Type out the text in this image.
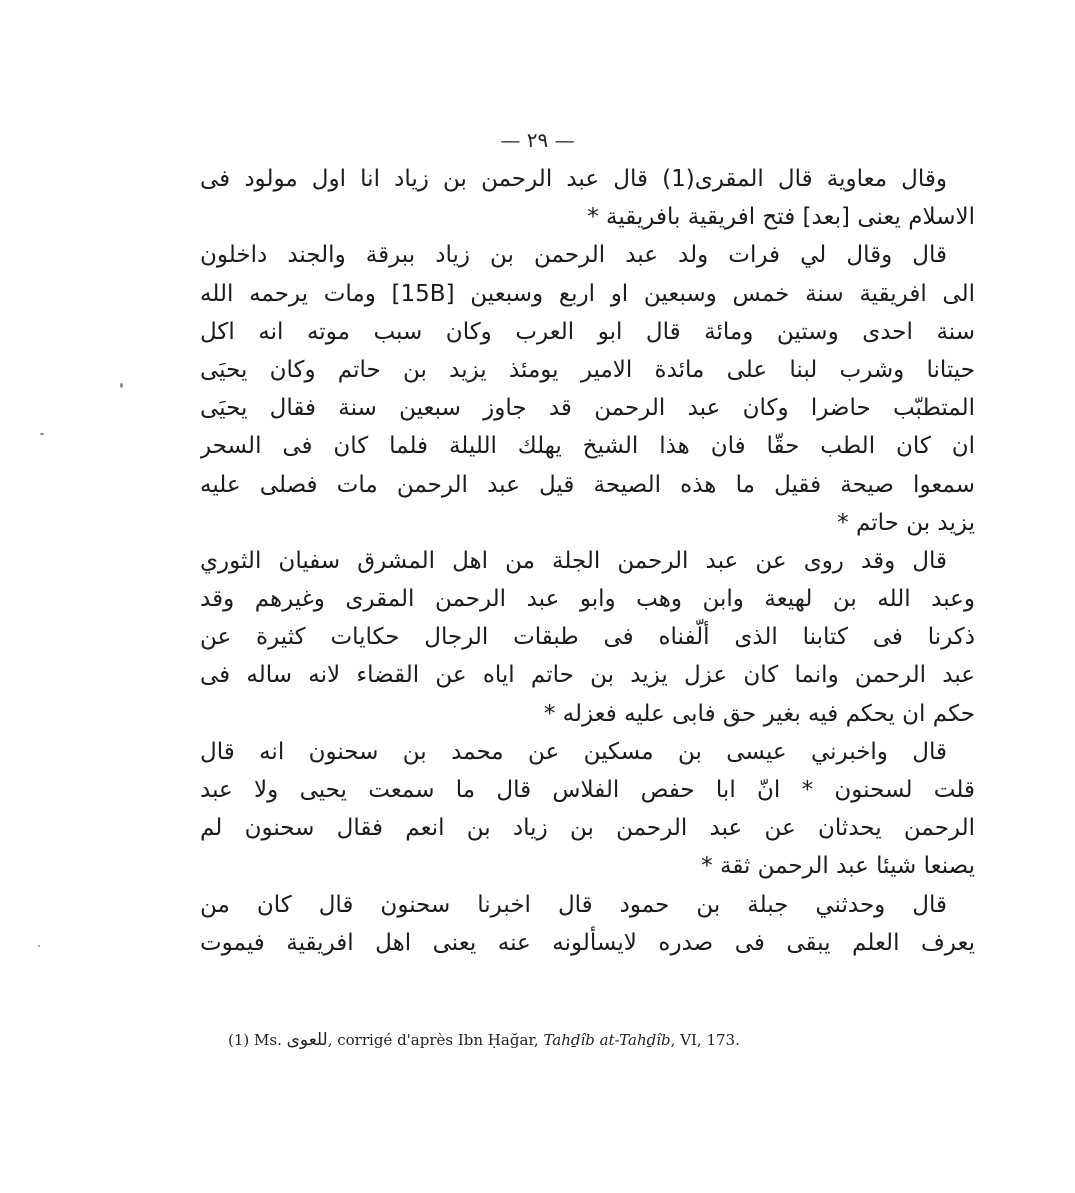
— ٢٩ —
وقال معاوية قال المقرى(1) قال عبد الرحمن بن زياد انا اول مولود فى
الاسلام يعنى [بعد] فتح افريقية بافريقية ‌*
قال وقال لي فرات ولد عبد الرحمن بن زياد ببرقة والجند داخلون
الى افريقية سنة خمس وسبعين او اربع وسبعين [15B] ومات يرحمه الله
سنة احدى وستين ومائة قال ابو العرب وكان سبب موته انه اكل
حيتانا وشرب لبنا على مائدة الامير يومئذ يزيد بن حاتم وكان يحيَى
المتطبّب حاضرا وكان عبد الرحمن قد جاوز سبعين سنة فقال يحيَى
ان كان الطب حقّا فان هذا الشيخ يهلك الليلة فلما كان فى السحر
سمعوا صيحة فقيل ما هذه الصيحة قيل عبد الرحمن مات فصلى عليه
يزيد بن حاتم ‌*
قال وقد روى عن عبد الرحمن الجلة من اهل المشرق سفيان الثوري
وعبد الله بن لهيعة وابن وهب وابو عبد الرحمن المقرى وغيرهم وقد
ذكرنا فى كتابنا الذى ألّفناه فى طبقات الرجال حكايات كثيرة عن
عبد الرحمن وانما كان عزل يزيد بن حاتم اياه عن القضاء لانه ساله فى
حكم ان يحكم فيه بغير حق فابى عليه فعزله ‌*
قال واخبرني عيسى بن مسكين عن محمد بن سحنون انه قال
قلت لسحنون ‌* انّ ابا حفص الفلاس قال ما سمعت يحيى ولا عبد
الرحمن يحدثان عن عبد الرحمن بن زياد بن انعم فقال سحنون لم
يصنعا شيئا عبد الرحمن ثقة ‌*
قال وحدثني جبلة بن حمود قال اخبرنا سحنون قال كان من
يعرف العلم يبقى فى صدره لايسألونه عنه يعنى اهل افريقية فيموت
(1) Ms. للعوى, corrigé d'après Ibn Ḥağar, Tahḏîb at-Tahḏîb, VI, 173.
